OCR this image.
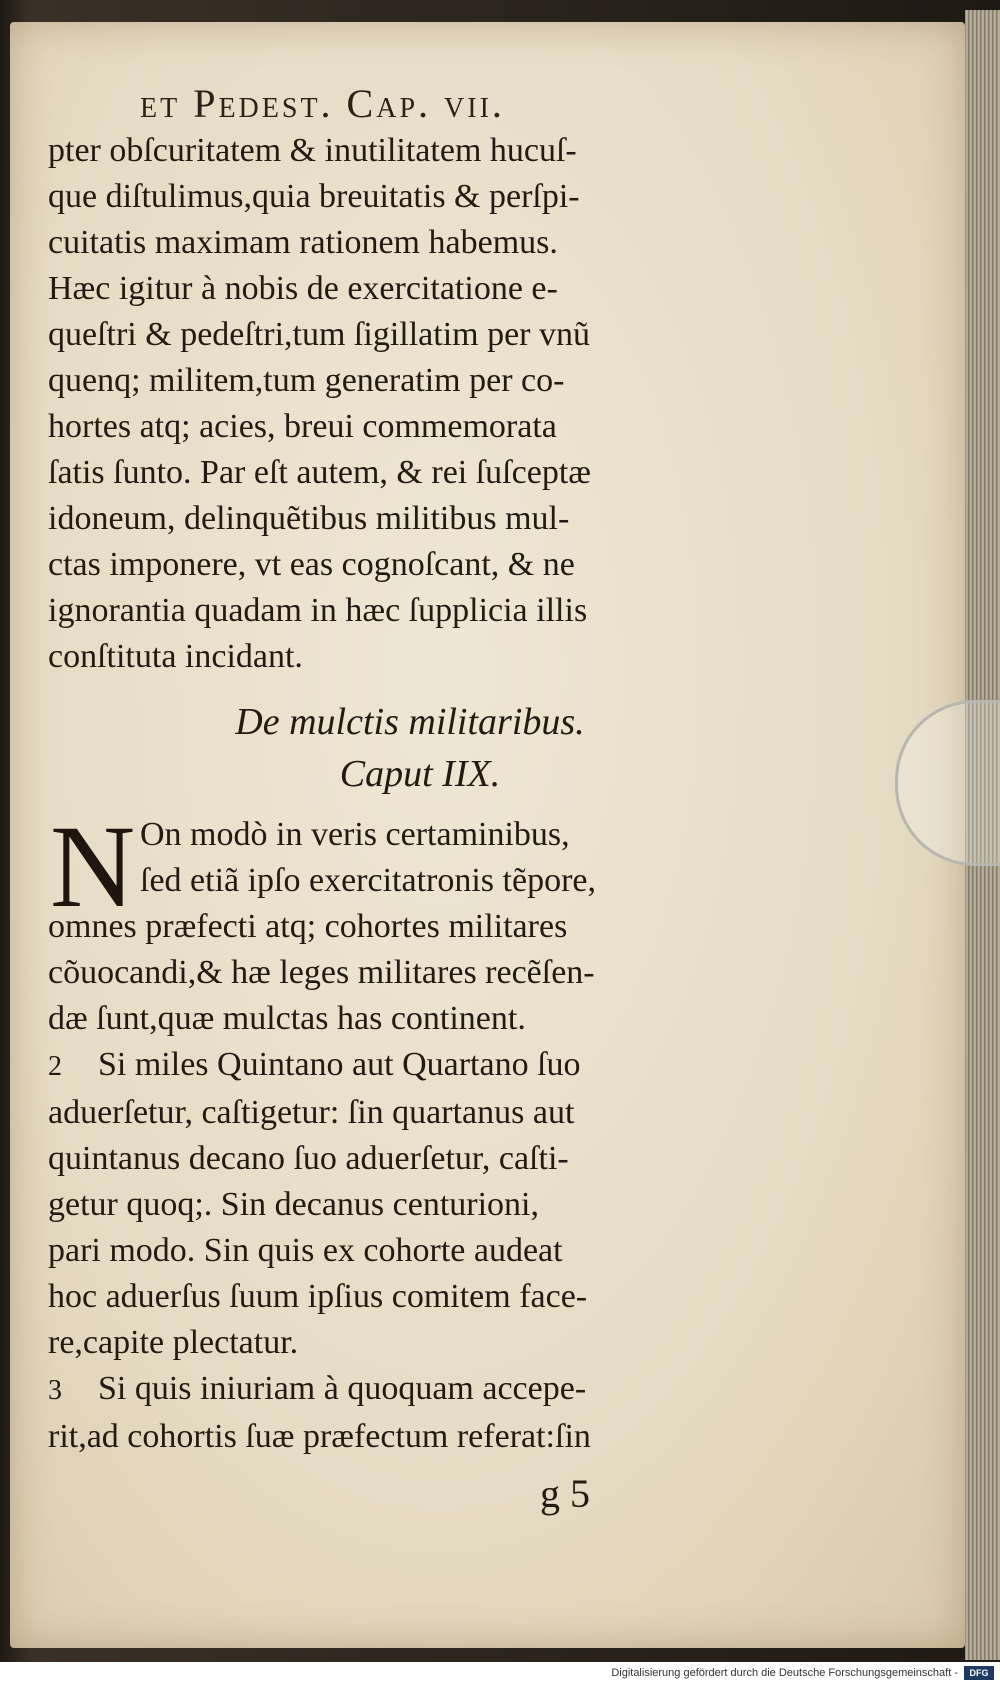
et Pedest. Cap. vii.
pter obſcuritatem & inutilitatem hucuſ-
que diſtulimus,quia breuitatis & perſpi-
cuitatis maximam rationem habemus.
Hæc igitur à nobis de exercitatione e-
queſtri & pedeſtri,tum ſigillatim per vnũ
quenq; militem,tum generatim per co-
hortes atq; acies, breui commemorata
ſatis ſunto. Par eſt autem, & rei ſuſceptæ
idoneum, delinquẽtibus militibus mul-
ctas imponere, vt eas cognoſcant, & ne
ignorantia quadam in hæc ſupplicia illis
conſtituta incidant.
De mulctis militaribus.
Caput IIX.
N On modò in veris certaminibus,
ſed etiã ipſo exercitatronis tẽpore,
omnes præfecti atq; cohortes militares
cõuocandi,& hæ leges militares recẽſen-
dæ ſunt,quæ mulctas has continent.
2 Si miles Quintano aut Quartano ſuo
aduerſetur, caſtigetur: ſin quartanus aut
quintanus decano ſuo aduerſetur, caſti-
getur quoq;. Sin decanus centurioni,
pari modo. Sin quis ex cohorte audeat
hoc aduerſus ſuum ipſius comitem face-
re,capite plectatur.
3 Si quis iniuriam à quoquam accepe-
rit,ad cohortis ſuæ præfectum referat:ſin
g 5
Digitalisierung gefördert durch die Deutsche Forschungsgemeinschaft -	DFG
